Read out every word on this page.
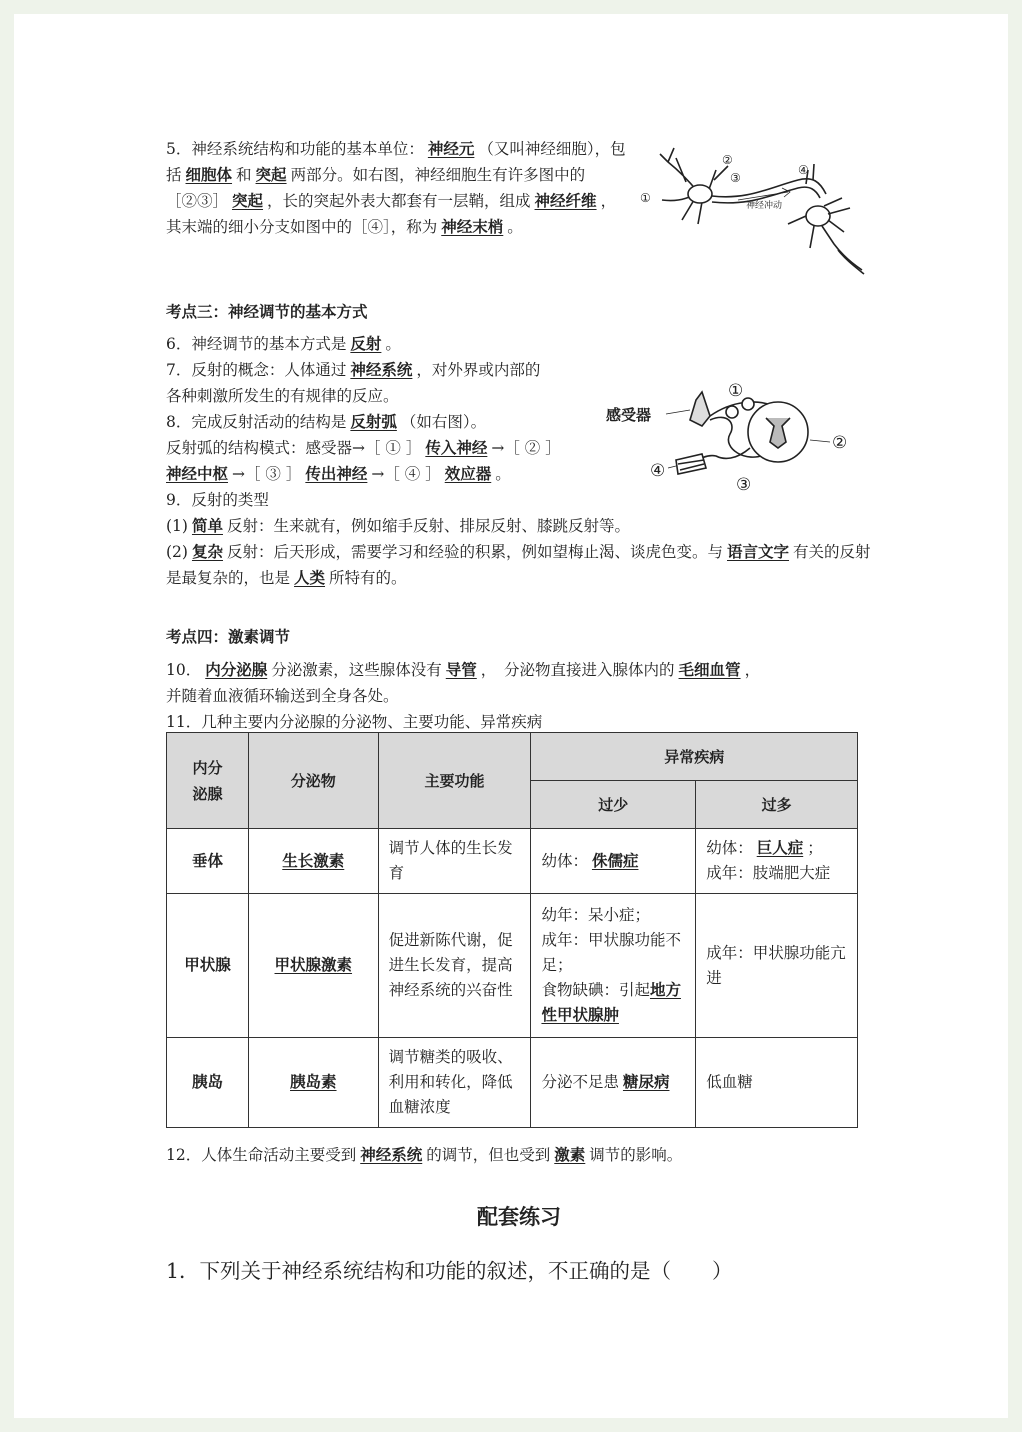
5．神经系统结构和功能的基本单位： 神经元 （又叫神经细胞），包括 细胞体 和 突起 两部分。如右图，神经细胞生有许多图中的［②③］ 突起 ，长的突起外表大都套有一层鞘，组成 神经纤维 ，其末端的细小分支如图中的［④］，称为 神经末梢 。

①
②
③
④
神经冲动
考点三：神经调节的基本方式

6．神经调节的基本方式是 反射 。

7．反射的概念：人体通过 神经系统 ，对外界或内部的

各种刺激所发生的有规律的反应。

8．完成反射活动的结构是 反射弧 （如右图）。

反射弧的结构模式：感受器→［ ① ］ 传入神经 →［ ② ］

神经中枢 →［ ③ ］ 传出神经 →［ ④ ］ 效应器 。

9．反射的类型

(1) 简单 反射：生来就有，例如缩手反射、排尿反射、膝跳反射等。

(2) 复杂 反射：后天形成，需要学习和经验的积累，例如望梅止渴、谈虎色变。与 语言文字 有关的反射是最复杂的，也是 人类 所特有的。

感受器
①
②
③
④
考点四：激素调节

10． 内分泌腺 分泌激素，这些腺体没有 导管 ，　分泌物直接进入腺体内的 毛细血管 ，

并随着血液循环输送到全身各处。

11．几种主要内分泌腺的分泌物、主要功能、异常疾病

内分
泌腺	分泌物	主要功能	异常疾病	
			过少	过多
垂体	生长激素	调节人体的生长发育	幼体： 侏儒症	幼体： 巨人症 ；
成年：肢端肥大症
甲状腺	甲状腺激素	促进新陈代谢，促进生长发育，提高神经系统的兴奋性	幼年：呆小症；
成年：甲状腺功能不足；
食物缺碘：引起地方性甲状腺肿	成年：甲状腺功能亢进
胰岛	胰岛素	调节糖类的吸收、利用和转化，降低血糖浓度	分泌不足患 糖尿病	低血糖

12．人体生命活动主要受到 神经系统 的调节，但也受到 激素 调节的影响。

配套练习
1．下列关于神经系统结构和功能的叙述，不正确的是（　　）
